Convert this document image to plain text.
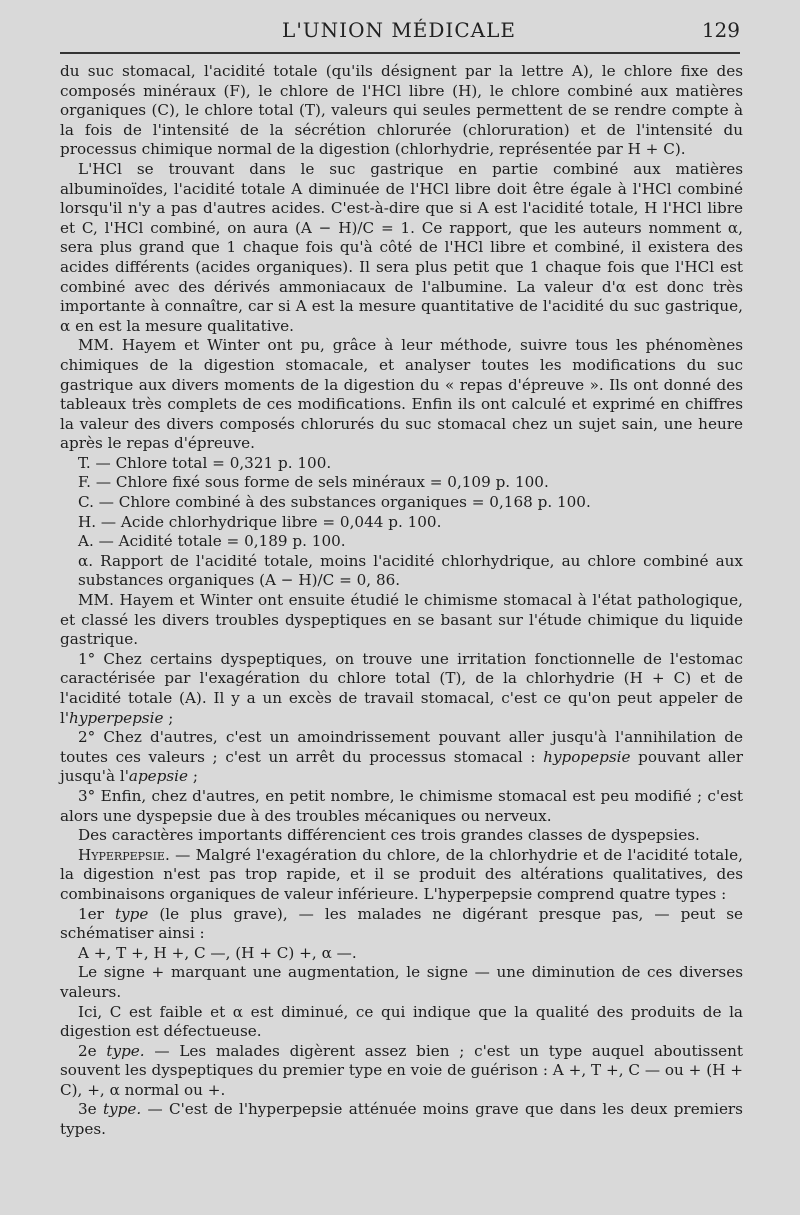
L'UNION MÉDICALE	129

du suc stomacal, l'acidité totale (qu'ils désignent par la lettre A), le chlore fixe des composés minéraux (F), le chlore de l'HCl libre (H), le chlore combiné aux matières organiques (C), le chlore total (T), valeurs qui seules permettent de se rendre compte à la fois de l'intensité de la sécrétion chlorurée (chloruration) et de l'intensité du processus chimique normal de la digestion (chlorhydrie, représentée par H + C).

L'HCl se trouvant dans le suc gastrique en partie combiné aux matières albuminoïdes, l'acidité totale A diminuée de l'HCl libre doit être égale à l'HCl combiné lorsqu'il n'y a pas d'autres acides. C'est-à-dire que si A est l'acidité totale, H l'HCl libre et C, l'HCl combiné, on aura (A − H)/C = 1. Ce rapport, que les auteurs nomment α, sera plus grand que 1 chaque fois qu'à côté de l'HCl libre et combiné, il existera des acides différents (acides organiques). Il sera plus petit que 1 chaque fois que l'HCl est combiné avec des dérivés ammoniacaux de l'albumine. La valeur d'α est donc très importante à connaître, car si A est la mesure quantitative de l'acidité du suc gastrique, α en est la mesure qualitative.

MM. Hayem et Winter ont pu, grâce à leur méthode, suivre tous les phénomènes chimiques de la digestion stomacale, et analyser toutes les modifications du suc gastrique aux divers moments de la digestion du « repas d'épreuve ». Ils ont donné des tableaux très complets de ces modifications. Enfin ils ont calculé et exprimé en chiffres la valeur des divers composés chlorurés du suc stomacal chez un sujet sain, une heure après le repas d'épreuve.

T. — Chlore total = 0,321 p. 100.

F. — Chlore fixé sous forme de sels minéraux = 0,109 p. 100.

C. — Chlore combiné à des substances organiques = 0,168 p. 100.

H. — Acide chlorhydrique libre = 0,044 p. 100.

A. — Acidité totale = 0,189 p. 100.

α. Rapport de l'acidité totale, moins l'acidité chlorhydrique, au chlore combiné aux substances organiques (A − H)/C = 0, 86.

MM. Hayem et Winter ont ensuite étudié le chimisme stomacal à l'état pathologique, et classé les divers troubles dyspeptiques en se basant sur l'étude chimique du liquide gastrique.

1° Chez certains dyspeptiques, on trouve une irritation fonctionnelle de l'estomac caractérisée par l'exagération du chlore total (T), de la chlorhydrie (H + C) et de l'acidité totale (A). Il y a un excès de travail stomacal, c'est ce qu'on peut appeler de l'hyperpepsie ;

2° Chez d'autres, c'est un amoindrissement pouvant aller jusqu'à l'annihilation de toutes ces valeurs ; c'est un arrêt du processus stomacal : hypopepsie pouvant aller jusqu'à l'apepsie ;

3° Enfin, chez d'autres, en petit nombre, le chimisme stomacal est peu modifié ; c'est alors une dyspepsie due à des troubles mécaniques ou nerveux.

Des caractères importants différencient ces trois grandes classes de dyspepsies.

Hyperpepsie. — Malgré l'exagération du chlore, de la chlorhydrie et de l'acidité totale, la digestion n'est pas trop rapide, et il se produit des altérations qualitatives, des combinaisons organiques de valeur inférieure. L'hyperpepsie comprend quatre types :

1er type (le plus grave), — les malades ne digérant presque pas, — peut se schématiser ainsi :

A +, T +, H +, C —, (H + C) +, α —.

Le signe + marquant une augmentation, le signe — une diminution de ces diverses valeurs.

Ici, C est faible et α est diminué, ce qui indique que la qualité des produits de la digestion est défectueuse.

2e type. — Les malades digèrent assez bien ; c'est un type auquel aboutissent souvent les dyspeptiques du premier type en voie de guérison : A +, T +, C — ou + (H + C), +, α normal ou +.

3e type. — C'est de l'hyperpepsie atténuée moins grave que dans les deux premiers types.
